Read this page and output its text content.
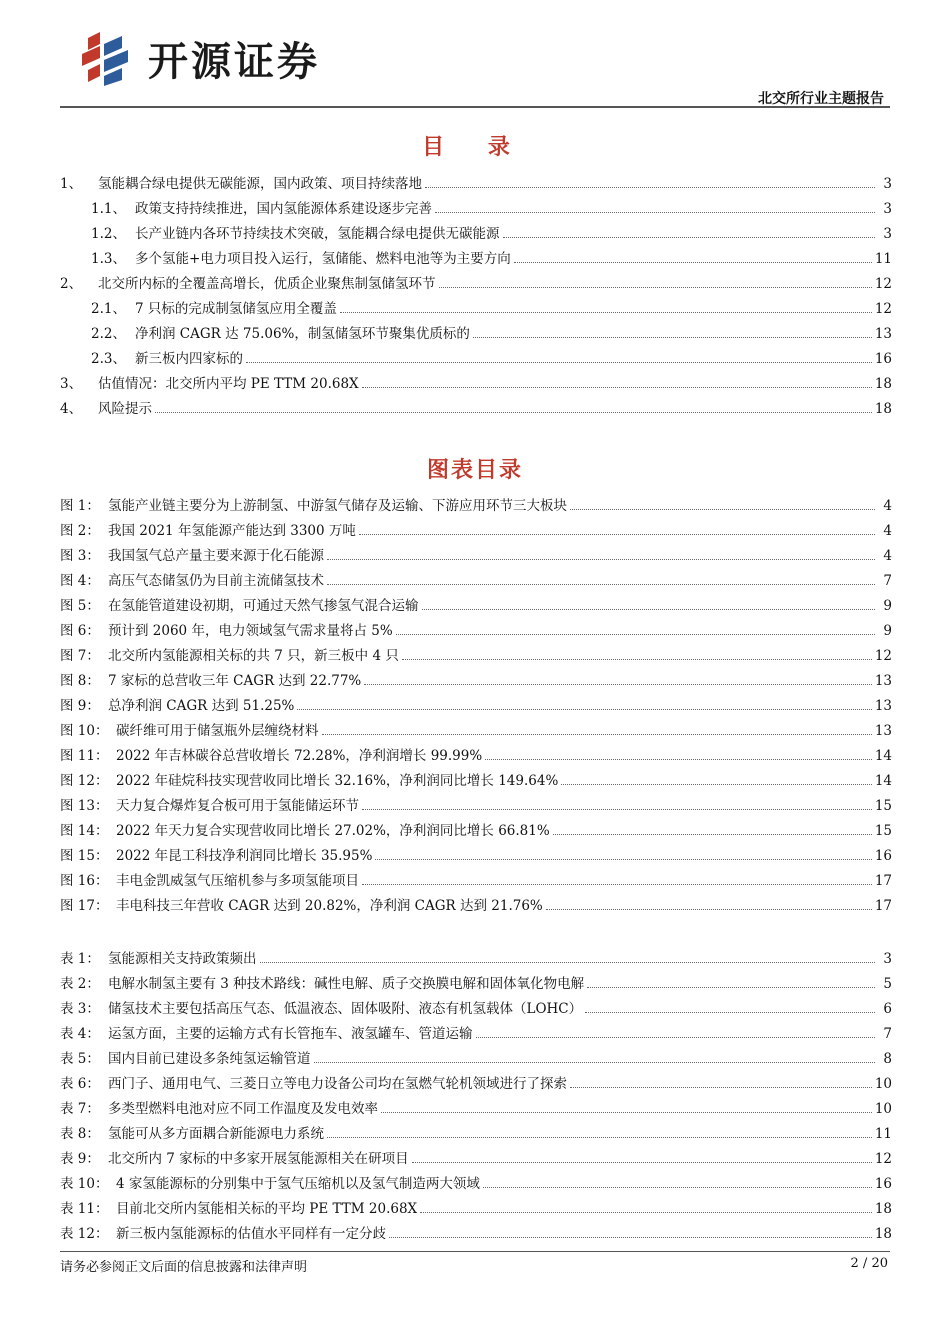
开源证券
北交所行业主题报告
目 录
1、	氢能耦合绿电提供无碳能源，国内政策、项目持续落地	3
1.1、 政策支持持续推进，国内氢能源体系建设逐步完善	3
1.2、 长产业链内各环节持续技术突破，氢能耦合绿电提供无碳能源	3
1.3、 多个氢能+电力项目投入运行，氢储能、燃料电池等为主要方向	11
2、	北交所内标的全覆盖高增长，优质企业聚焦制氢储氢环节	12
2.1、 7 只标的完成制氢储氢应用全覆盖	12
2.2、 净利润 CAGR 达 75.06%，制氢储氢环节聚集优质标的	13
2.3、 新三板内四家标的	16
3、	估值情况：北交所内平均 PE TTM 20.68X	18
4、	风险提示	18
图表目录
图 1： 氢能产业链主要分为上游制氢、中游氢气储存及运输、下游应用环节三大板块	4
图 2： 我国 2021 年氢能源产能达到 3300 万吨	4
图 3： 我国氢气总产量主要来源于化石能源	4
图 4： 高压气态储氢仍为目前主流储氢技术	7
图 5： 在氢能管道建设初期，可通过天然气掺氢气混合运输	9
图 6： 预计到 2060 年，电力领域氢气需求量将占 5%	9
图 7： 北交所内氢能源相关标的共 7 只，新三板中 4 只	12
图 8： 7 家标的总营收三年 CAGR 达到 22.77%	13
图 9： 总净利润 CAGR 达到 51.25%	13
图 10： 碳纤维可用于储氢瓶外层缠绕材料	13
图 11： 2022 年吉林碳谷总营收增长 72.28%，净利润增长 99.99%	14
图 12： 2022 年硅烷科技实现营收同比增长 32.16%，净利润同比增长 149.64%	14
图 13： 天力复合爆炸复合板可用于氢能储运环节	15
图 14： 2022 年天力复合实现营收同比增长 27.02%，净利润同比增长 66.81%	15
图 15： 2022 年昆工科技净利润同比增长 35.95%	16
图 16： 丰电金凯威氢气压缩机参与多项氢能项目	17
图 17： 丰电科技三年营收 CAGR 达到 20.82%，净利润 CAGR 达到 21.76%	17
表 1： 氢能源相关支持政策频出	3
表 2： 电解水制氢主要有 3 种技术路线：碱性电解、质子交换膜电解和固体氧化物电解	5
表 3： 储氢技术主要包括高压气态、低温液态、固体吸附、液态有机氢载体（LOHC）	6
表 4： 运氢方面，主要的运输方式有长管拖车、液氢罐车、管道运输	7
表 5： 国内目前已建设多条纯氢运输管道	8
表 6： 西门子、通用电气、三菱日立等电力设备公司均在氢燃气轮机领域进行了探索	10
表 7： 多类型燃料电池对应不同工作温度及发电效率	10
表 8： 氢能可从多方面耦合新能源电力系统	11
表 9： 北交所内 7 家标的中多家开展氢能源相关在研项目	12
表 10： 4 家氢能源标的分别集中于氢气压缩机以及氢气制造两大领域	16
表 11： 目前北交所内氢能相关标的平均 PE TTM 20.68X	18
表 12： 新三板内氢能源标的估值水平同样有一定分歧	18
请务必参阅正文后面的信息披露和法律声明	2 / 20
